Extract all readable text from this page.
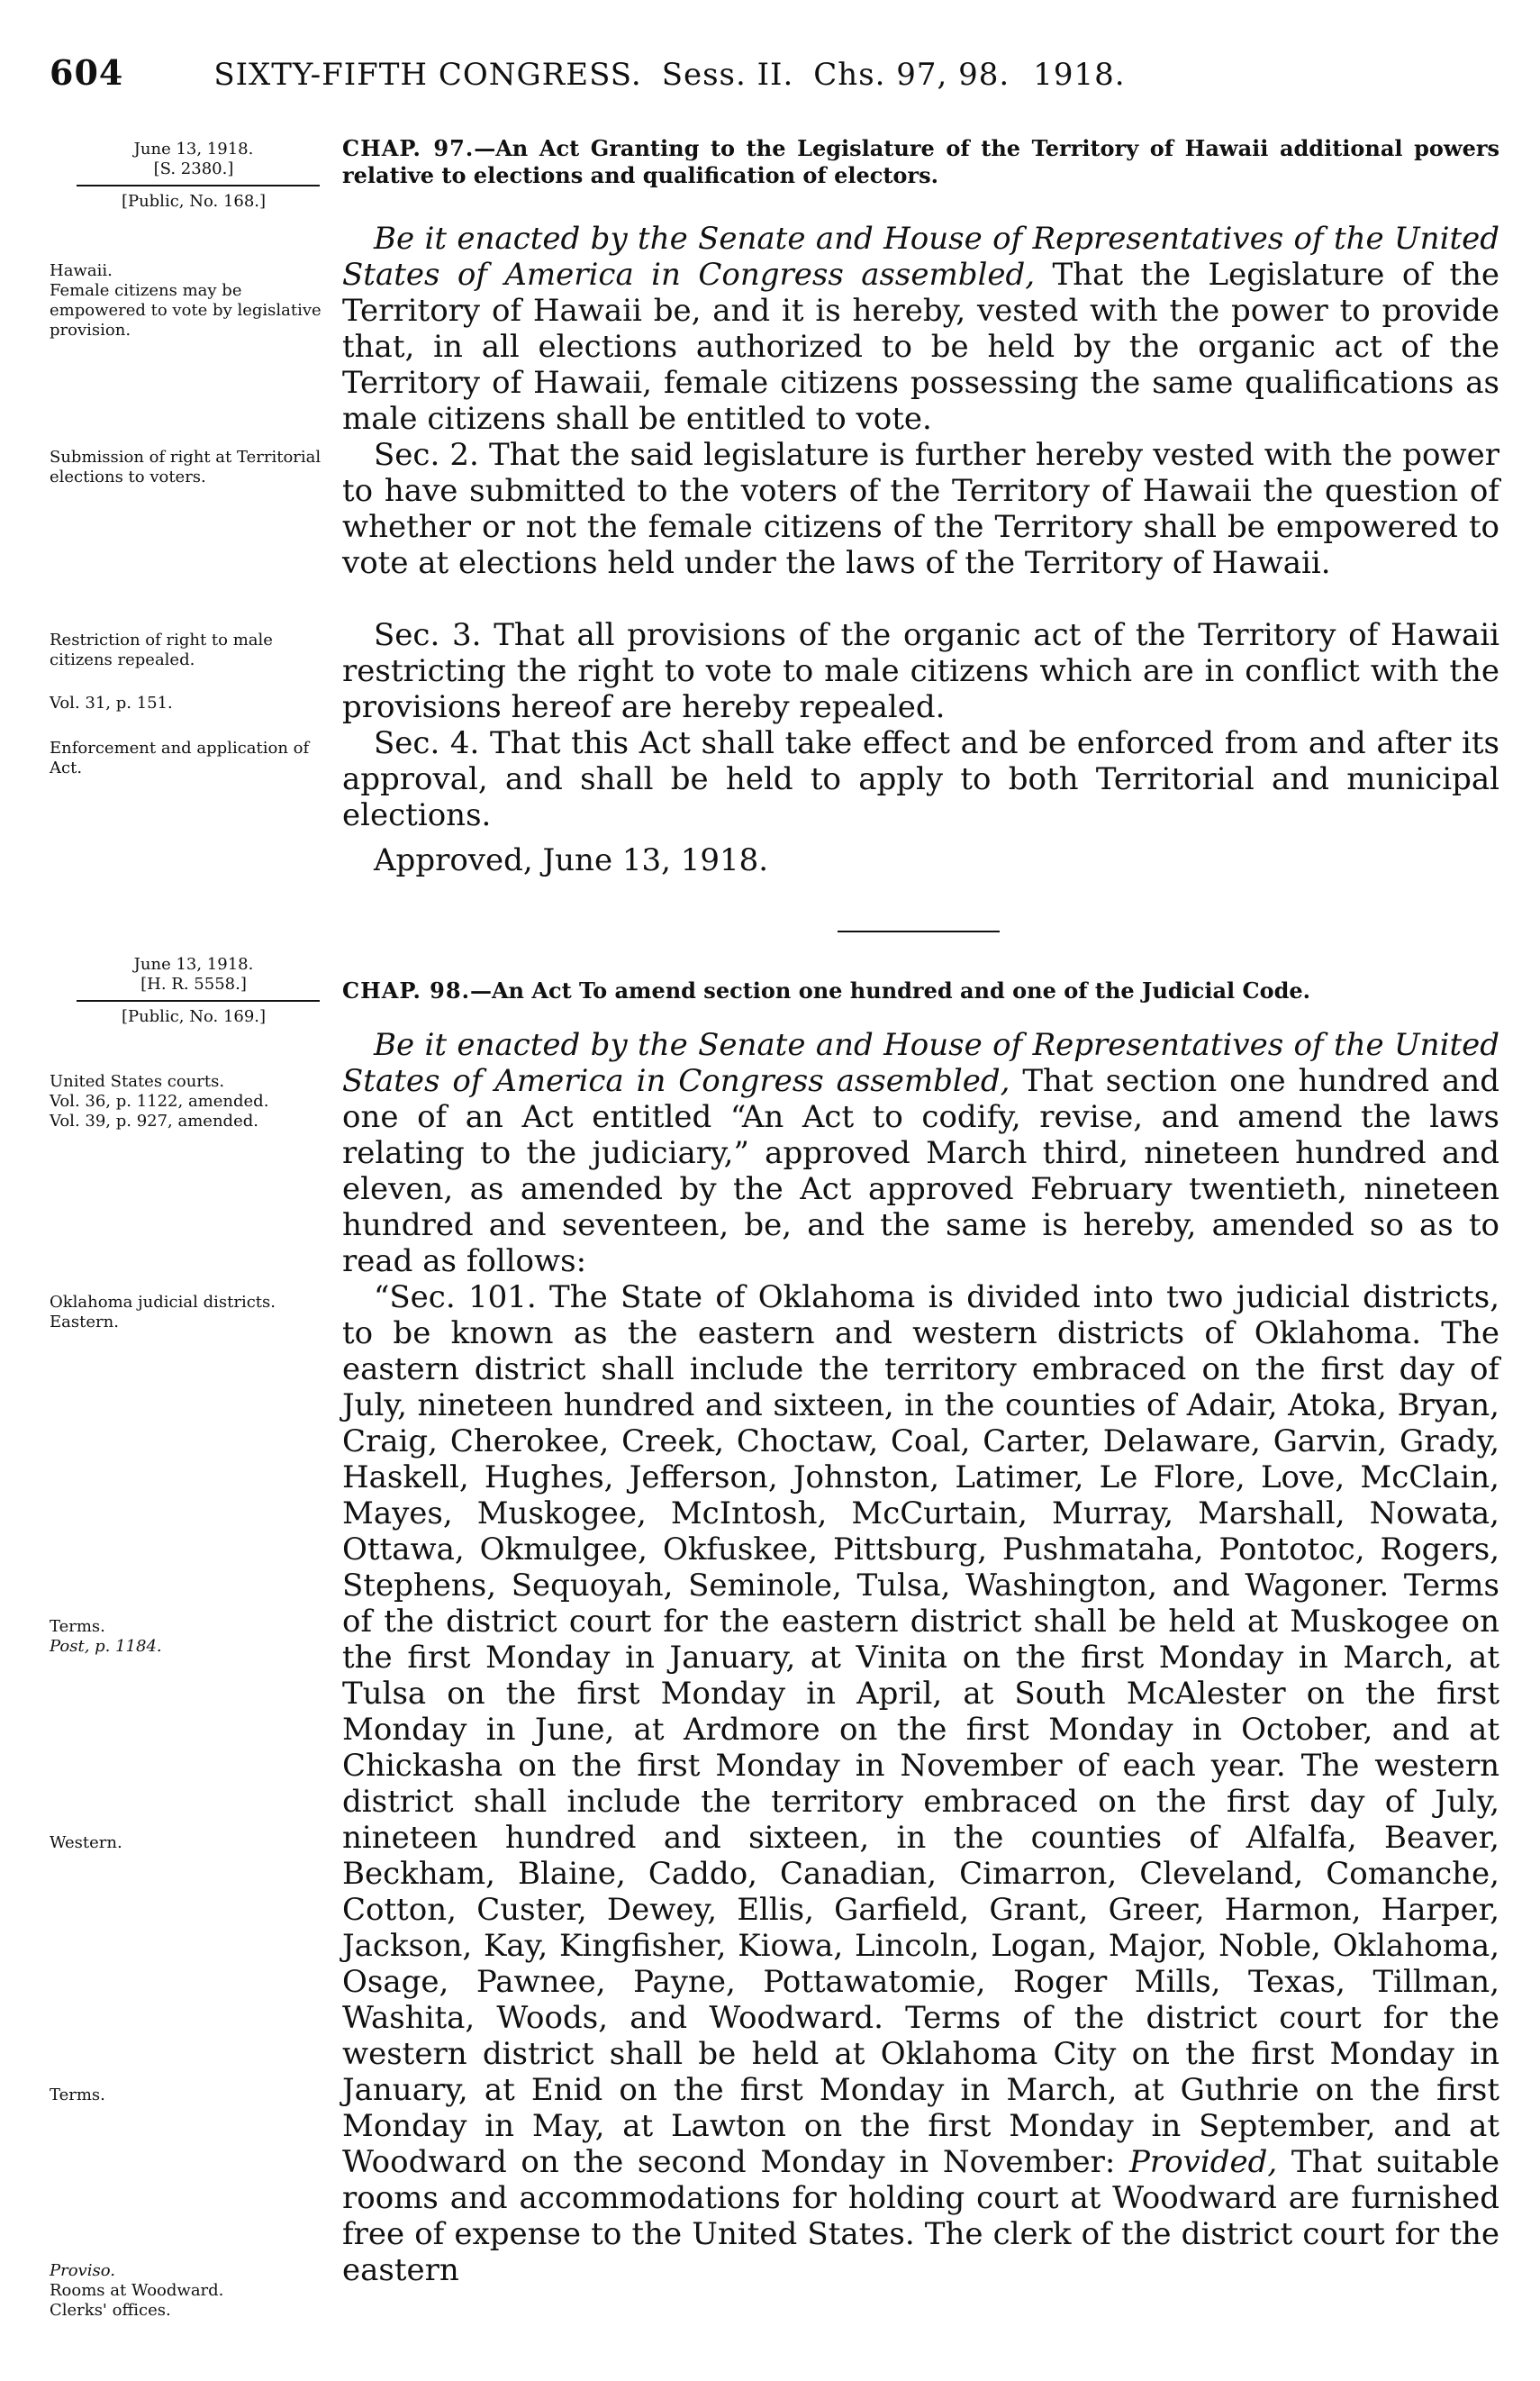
604	SIXTY-FIFTH CONGRESS. Sess. II. Chs. 97, 98. 1918.
June 13, 1918.
[S. 2380.]
[Public, No. 168.]
Hawaii.
Female citizens may be empowered to vote by legislative provision.
Submission of right at Territorial elections to voters.
Restriction of right to male citizens repealed.
Vol. 31, p. 151.
Enforcement and application of Act.
June 13, 1918.
[H. R. 5558.]
[Public, No. 169.]
United States courts.
Vol. 36, p. 1122, amended.
Vol. 39, p. 927, amended.
Oklahoma judicial districts.
Eastern.
Terms.
Post, p. 1184.
Western.
Terms.
Proviso.
Rooms at Woodward.
Clerks' offices.
CHAP. 97.—An Act Granting to the Legislature of the Territory of Hawaii additional powers relative to elections and qualification of electors.

Be it enacted by the Senate and House of Representatives of the United States of America in Congress assembled, That the Legislature of the Territory of Hawaii be, and it is hereby, vested with the power to provide that, in all elections authorized to be held by the organic act of the Territory of Hawaii, female citizens possessing the same qualifications as male citizens shall be entitled to vote.

Sec. 2. That the said legislature is further hereby vested with the power to have submitted to the voters of the Territory of Hawaii the question of whether or not the female citizens of the Territory shall be empowered to vote at elections held under the laws of the Territory of Hawaii.

Sec. 3. That all provisions of the organic act of the Territory of Hawaii restricting the right to vote to male citizens which are in conflict with the provisions hereof are hereby repealed.

Sec. 4. That this Act shall take effect and be enforced from and after its approval, and shall be held to apply to both Territorial and municipal elections.

Approved, June 13, 1918.

CHAP. 98.—An Act To amend section one hundred and one of the Judicial Code.

Be it enacted by the Senate and House of Representatives of the United States of America in Congress assembled, That section one hundred and one of an Act entitled “An Act to codify, revise, and amend the laws relating to the judiciary,” approved March third, nineteen hundred and eleven, as amended by the Act approved February twentieth, nineteen hundred and seventeen, be, and the same is hereby, amended so as to read as follows:

“Sec. 101. The State of Oklahoma is divided into two judicial districts, to be known as the eastern and western districts of Oklahoma. The eastern district shall include the territory embraced on the first day of July, nineteen hundred and sixteen, in the counties of Adair, Atoka, Bryan, Craig, Cherokee, Creek, Choctaw, Coal, Carter, Delaware, Garvin, Grady, Haskell, Hughes, Jefferson, Johnston, Latimer, Le Flore, Love, McClain, Mayes, Muskogee, McIntosh, McCurtain, Murray, Marshall, Nowata, Ottawa, Okmulgee, Okfuskee, Pittsburg, Pushmataha, Pontotoc, Rogers, Stephens, Sequoyah, Seminole, Tulsa, Washington, and Wagoner. Terms of the district court for the eastern district shall be held at Muskogee on the first Monday in January, at Vinita on the first Monday in March, at Tulsa on the first Monday in April, at South McAlester on the first Monday in June, at Ardmore on the first Monday in October, and at Chickasha on the first Monday in November of each year. The western district shall include the territory embraced on the first day of July, nineteen hundred and sixteen, in the counties of Alfalfa, Beaver, Beckham, Blaine, Caddo, Canadian, Cimarron, Cleveland, Comanche, Cotton, Custer, Dewey, Ellis, Garfield, Grant, Greer, Harmon, Harper, Jackson, Kay, Kingfisher, Kiowa, Lincoln, Logan, Major, Noble, Oklahoma, Osage, Pawnee, Payne, Pottawatomie, Roger Mills, Texas, Tillman, Washita, Woods, and Woodward. Terms of the district court for the western district shall be held at Oklahoma City on the first Monday in January, at Enid on the first Monday in March, at Guthrie on the first Monday in May, at Lawton on the first Monday in September, and at Woodward on the second Monday in November: Provided, That suitable rooms and accommodations for holding court at Woodward are furnished free of expense to the United States. The clerk of the district court for the eastern
